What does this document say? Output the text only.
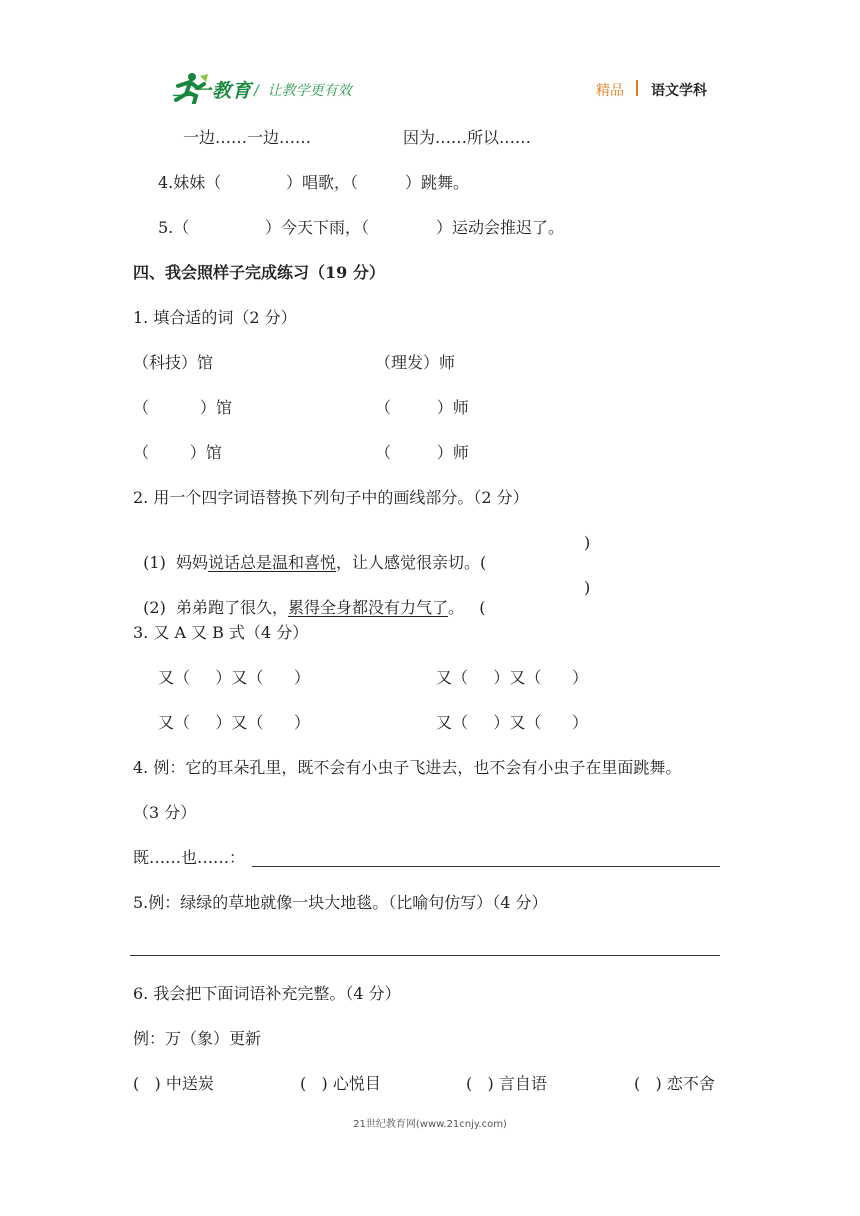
二一教育 /  让教学更有效	精品 语文学科
一边……一边……	因为……所以……
4.妹妹（	）唱歌，（	）跳舞。
5.（	）今天下雨，（	）运动会推迟了。
四、我会照样子完成练习（19 分）
1. 填合适的词（2 分）
（科技）馆	（理发）师
（          ）馆	（         ）师
（        ）馆	（         ）师
2. 用一个四字词语替换下列句子中的画线部分。（2 分）

(1)  妈妈说话总是温和喜悦，让人感觉很亲切。(

)

(2)  弟弟跑了很久，累得全身都没有力气了。   (

)
3. 又 A 又 B 式（4 分）
又（     ）又（      ）	又（     ）又（      ）
又（     ）又（      ）	又（     ）又（      ）
4. 例：它的耳朵孔里，既不会有小虫子飞进去，也不会有小虫子在里面跳舞。
（3 分）
既……也……：
5.例：绿绿的草地就像一块大地毯。（比喻句仿写）（4 分）
6. 我会把下面词语补充完整。（4 分）
例：万（象）更新
(   ) 中送炭	(   ) 心悦目	(   ) 言自语	(   ) 恋不舍
21世纪教育网(www.21cnjy.com)
